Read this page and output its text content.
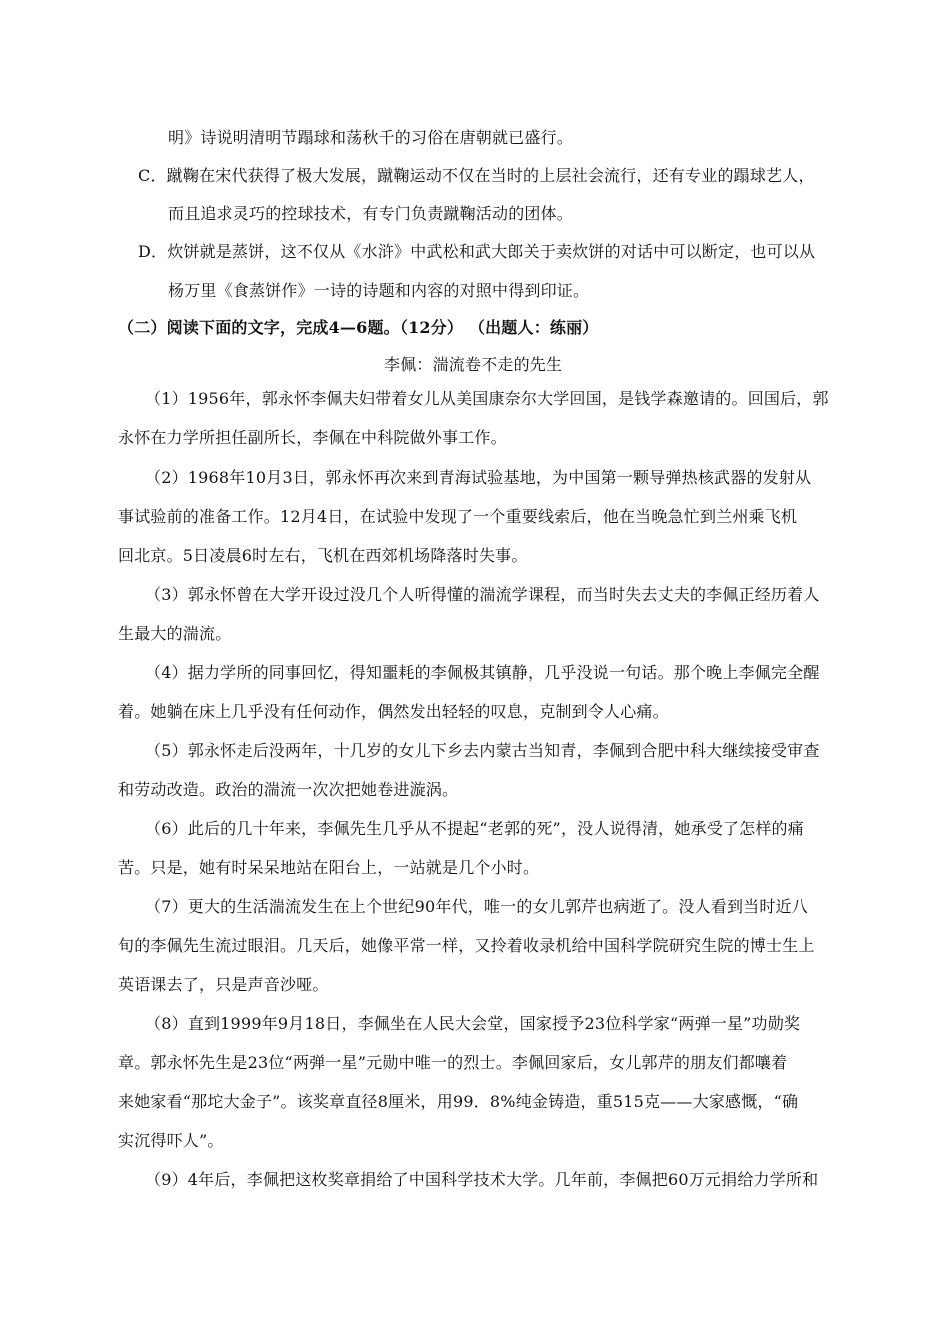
明》诗说明清明节蹋球和荡秋千的习俗在唐朝就已盛行。
C．蹴鞠在宋代获得了极大发展，蹴鞠运动不仅在当时的上层社会流行，还有专业的蹋球艺人，
而且追求灵巧的控球技术，有专门负责蹴鞠活动的团体。
D．炊饼就是蒸饼，这不仅从《水浒》中武松和武大郎关于卖炊饼的对话中可以断定，也可以从
杨万里《食蒸饼作》一诗的诗题和内容的对照中得到印证。
（二）阅读下面的文字，完成4—6题。（12分） （出题人：练丽）
李佩：湍流卷不走的先生
（1）1956年，郭永怀李佩夫妇带着女儿从美国康奈尔大学回国，是钱学森邀请的。回国后，郭
永怀在力学所担任副所长，李佩在中科院做外事工作。
（2）1968年10月3日，郭永怀再次来到青海试验基地，为中国第一颗导弹热核武器的发射从
事试验前的准备工作。12月4日，在试验中发现了一个重要线索后，他在当晚急忙到兰州乘飞机
回北京。5日凌晨6时左右，飞机在西郊机场降落时失事。
（3）郭永怀曾在大学开设过没几个人听得懂的湍流学课程，而当时失去丈夫的李佩正经历着人
生最大的湍流。
（4）据力学所的同事回忆，得知噩耗的李佩极其镇静，几乎没说一句话。那个晚上李佩完全醒
着。她躺在床上几乎没有任何动作，偶然发出轻轻的叹息，克制到令人心痛。
（5）郭永怀走后没两年，十几岁的女儿下乡去内蒙古当知青，李佩到合肥中科大继续接受审查
和劳动改造。政治的湍流一次次把她卷进漩涡。
（6）此后的几十年来，李佩先生几乎从不提起“老郭的死”，没人说得清，她承受了怎样的痛
苦。只是，她有时呆呆地站在阳台上，一站就是几个小时。
（7）更大的生活湍流发生在上个世纪90年代，唯一的女儿郭芹也病逝了。没人看到当时近八
旬的李佩先生流过眼泪。几天后，她像平常一样，又拎着收录机给中国科学院研究生院的博士生上
英语课去了，只是声音沙哑。
（8）直到1999年9月18日，李佩坐在人民大会堂，国家授予23位科学家“两弹一星”功勋奖
章。郭永怀先生是23位“两弹一星”元勋中唯一的烈士。李佩回家后，女儿郭芹的朋友们都嚷着
来她家看“那坨大金子”。该奖章直径8厘米，用99．8%纯金铸造，重515克——大家感慨，“确
实沉得吓人”。
（9）4年后，李佩把这枚奖章捐给了中国科学技术大学。几年前，李佩把60万元捐给力学所和
